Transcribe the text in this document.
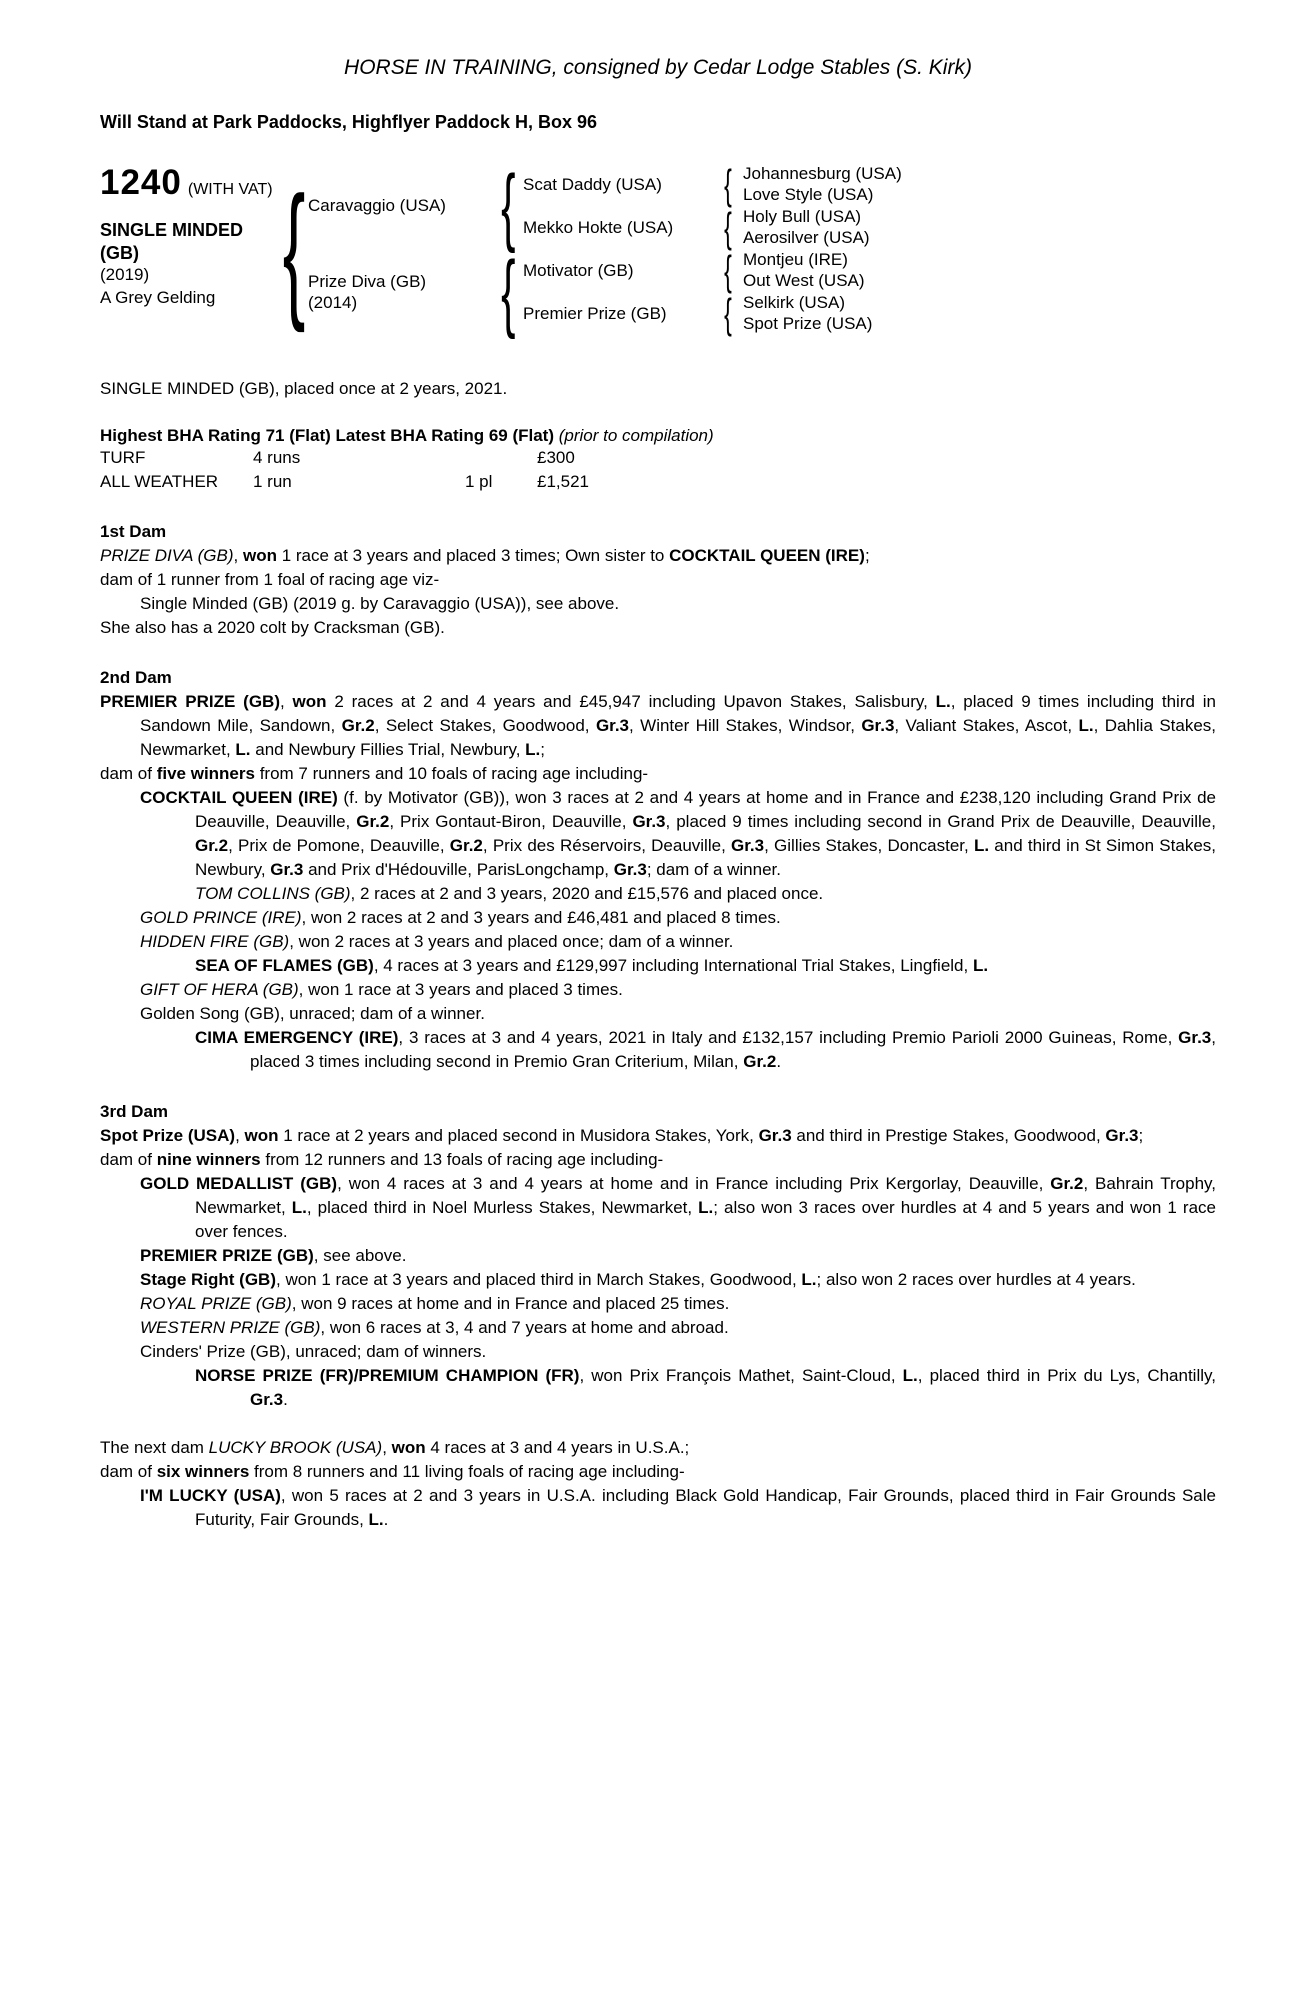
HORSE IN TRAINING, consigned by Cedar Lodge Stables (S. Kirk)
Will Stand at Park Paddocks, Highflyer Paddock H, Box 96
1240 (WITH VAT)
SINGLE MINDED
(GB)
(2019)
A Grey Gelding { Caravaggio (USA)
Prize Diva (GB)
(2014)
{
{
Scat Daddy (USA)
Mekko Hokte (USA)
Motivator (GB)
Premier Prize (GB)
{
{
{
{
Johannesburg (USA)
Love Style (USA)
Holy Bull (USA)
Aerosilver (USA)
Montjeu (IRE)
Out West (USA)
Selkirk (USA)
Spot Prize (USA)
SINGLE MINDED (GB), placed once at 2 years, 2021.
Highest BHA Rating 71 (Flat) Latest BHA Rating 69 (Flat) (prior to compilation)
TURF	4 runs	£300
ALL WEATHER	1 run	1 pl	£1,521
1st Dam
PRIZE DIVA (GB), won 1 race at 3 years and placed 3 times; Own sister to COCKTAIL QUEEN (IRE);
dam of 1 runner from 1 foal of racing age viz-
Single Minded (GB) (2019 g. by Caravaggio (USA)), see above.
She also has a 2020 colt by Cracksman (GB).
2nd Dam
PREMIER PRIZE (GB), won 2 races at 2 and 4 years and £45,947 including Upavon Stakes, Salisbury, L., placed 9 times including third in Sandown Mile, Sandown, Gr.2, Select Stakes, Goodwood, Gr.3, Winter Hill Stakes, Windsor, Gr.3, Valiant Stakes, Ascot, L., Dahlia Stakes, Newmarket, L. and Newbury Fillies Trial, Newbury, L.;
dam of five winners from 7 runners and 10 foals of racing age including-
COCKTAIL QUEEN (IRE) (f. by Motivator (GB)), won 3 races at 2 and 4 years at home and in France and £238,120 including Grand Prix de Deauville, Deauville, Gr.2, Prix Gontaut-Biron, Deauville, Gr.3, placed 9 times including second in Grand Prix de Deauville, Deauville, Gr.2, Prix de Pomone, Deauville, Gr.2, Prix des Réservoirs, Deauville, Gr.3, Gillies Stakes, Doncaster, L. and third in St Simon Stakes, Newbury, Gr.3 and Prix d'Hédouville, ParisLongchamp, Gr.3; dam of a winner.
TOM COLLINS (GB), 2 races at 2 and 3 years, 2020 and £15,576 and placed once.
GOLD PRINCE (IRE), won 2 races at 2 and 3 years and £46,481 and placed 8 times.
HIDDEN FIRE (GB), won 2 races at 3 years and placed once; dam of a winner.
SEA OF FLAMES (GB), 4 races at 3 years and £129,997 including International Trial Stakes, Lingfield, L.
GIFT OF HERA (GB), won 1 race at 3 years and placed 3 times.
Golden Song (GB), unraced; dam of a winner.
CIMA EMERGENCY (IRE), 3 races at 3 and 4 years, 2021 in Italy and £132,157 including Premio Parioli 2000 Guineas, Rome, Gr.3, placed 3 times including second in Premio Gran Criterium, Milan, Gr.2.
3rd Dam
Spot Prize (USA), won 1 race at 2 years and placed second in Musidora Stakes, York, Gr.3 and third in Prestige Stakes, Goodwood, Gr.3;
dam of nine winners from 12 runners and 13 foals of racing age including-
GOLD MEDALLIST (GB), won 4 races at 3 and 4 years at home and in France including Prix Kergorlay, Deauville, Gr.2, Bahrain Trophy, Newmarket, L., placed third in Noel Murless Stakes, Newmarket, L.; also won 3 races over hurdles at 4 and 5 years and won 1 race over fences.
PREMIER PRIZE (GB), see above.
Stage Right (GB), won 1 race at 3 years and placed third in March Stakes, Goodwood, L.; also won 2 races over hurdles at 4 years.
ROYAL PRIZE (GB), won 9 races at home and in France and placed 25 times.
WESTERN PRIZE (GB), won 6 races at 3, 4 and 7 years at home and abroad.
Cinders' Prize (GB), unraced; dam of winners.
NORSE PRIZE (FR)/PREMIUM CHAMPION (FR), won Prix François Mathet, Saint-Cloud, L., placed third in Prix du Lys, Chantilly, Gr.3.
The next dam LUCKY BROOK (USA), won 4 races at 3 and 4 years in U.S.A.;
dam of six winners from 8 runners and 11 living foals of racing age including-
I'M LUCKY (USA), won 5 races at 2 and 3 years in U.S.A. including Black Gold Handicap, Fair Grounds, placed third in Fair Grounds Sale Futurity, Fair Grounds, L..
